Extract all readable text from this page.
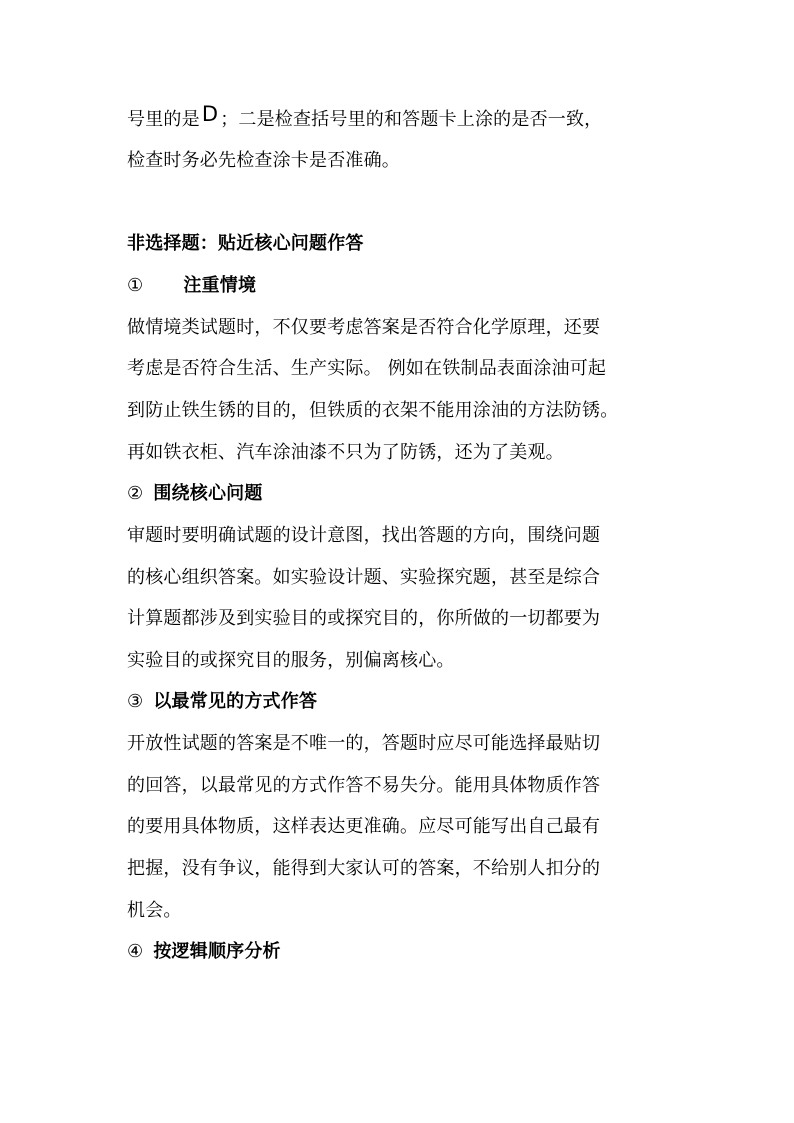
号里的是D ；二是检查括号里的和答题卡上涂的是否一致，
检查时务必先检查涂卡是否准确。
非选择题：贴近核心问题作答
① 注重情境
做情境类试题时，不仅要考虑答案是否符合化学原理，还要
考虑是否符合生活、生产实际。 例如在铁制品表面涂油可起
到防止铁生锈的目的，但铁质的衣架不能用涂油的方法防锈。
再如铁衣柜、汽车涂油漆不只为了防锈，还为了美观。
② 围绕核心问题
审题时要明确试题的设计意图，找出答题的方向，围绕问题
的核心组织答案。如实验设计题、实验探究题，甚至是综合
计算题都涉及到实验目的或探究目的，你所做的一切都要为
实验目的或探究目的服务，别偏离核心。
③ 以最常见的方式作答
开放性试题的答案是不唯一的，答题时应尽可能选择最贴切
的回答，以最常见的方式作答不易失分。能用具体物质作答
的要用具体物质，这样表达更准确。应尽可能写出自己最有
把握，没有争议，能得到大家认可的答案，不给别人扣分的
机会。
④ 按逻辑顺序分析
